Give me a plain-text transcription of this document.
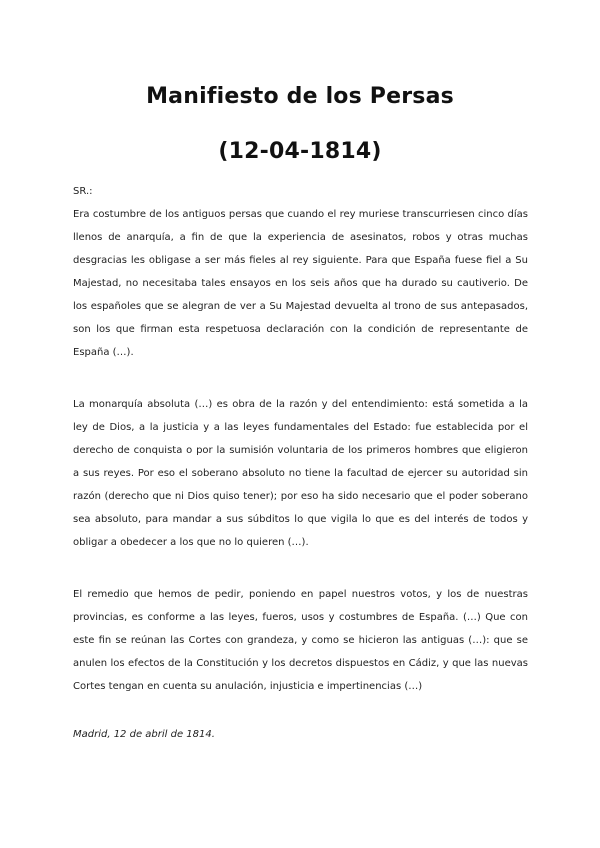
Manifiesto de los Persas
(12-04-1814)

SR.:

Era costumbre de los antiguos persas que cuando el rey muriese transcurriesen cinco días llenos de anarquía, a fin de que la experiencia de asesinatos, robos y otras muchas desgracias les obligase a ser más fieles al rey siguiente. Para que España fuese fiel a Su Majestad, no necesitaba tales ensayos en los seis años que ha durado su cautiverio. De los españoles que se alegran de ver a Su Majestad devuelta al trono de sus antepasados, son los que firman esta respetuosa declaración con la condición de representante de España (…).

La monarquía absoluta (…) es obra de la razón y del entendimiento: está sometida a la ley de Dios, a la justicia y a las leyes fundamentales del Estado: fue establecida por el derecho de conquista o por la sumisión voluntaria de los primeros hombres que eligieron a sus reyes. Por eso el soberano absoluto no tiene la facultad de ejercer su autoridad sin razón (derecho que ni Dios quiso tener); por eso ha sido necesario que el poder soberano sea absoluto, para mandar a sus súbditos lo que vigila lo que es del interés de todos y obligar a obedecer a los que no lo quieren (…).

El remedio que hemos de pedir, poniendo en papel nuestros votos, y los de nuestras provincias, es conforme a las leyes, fueros, usos y costumbres de España. (…) Que con este fin se reúnan las Cortes con grandeza, y como se hicieron las antiguas (…): que se anulen los efectos de la Constitución y los decretos dispuestos en Cádiz, y que las nuevas Cortes tengan en cuenta su anulación, injusticia e impertinencias (…)

Madrid, 12 de abril de 1814.
